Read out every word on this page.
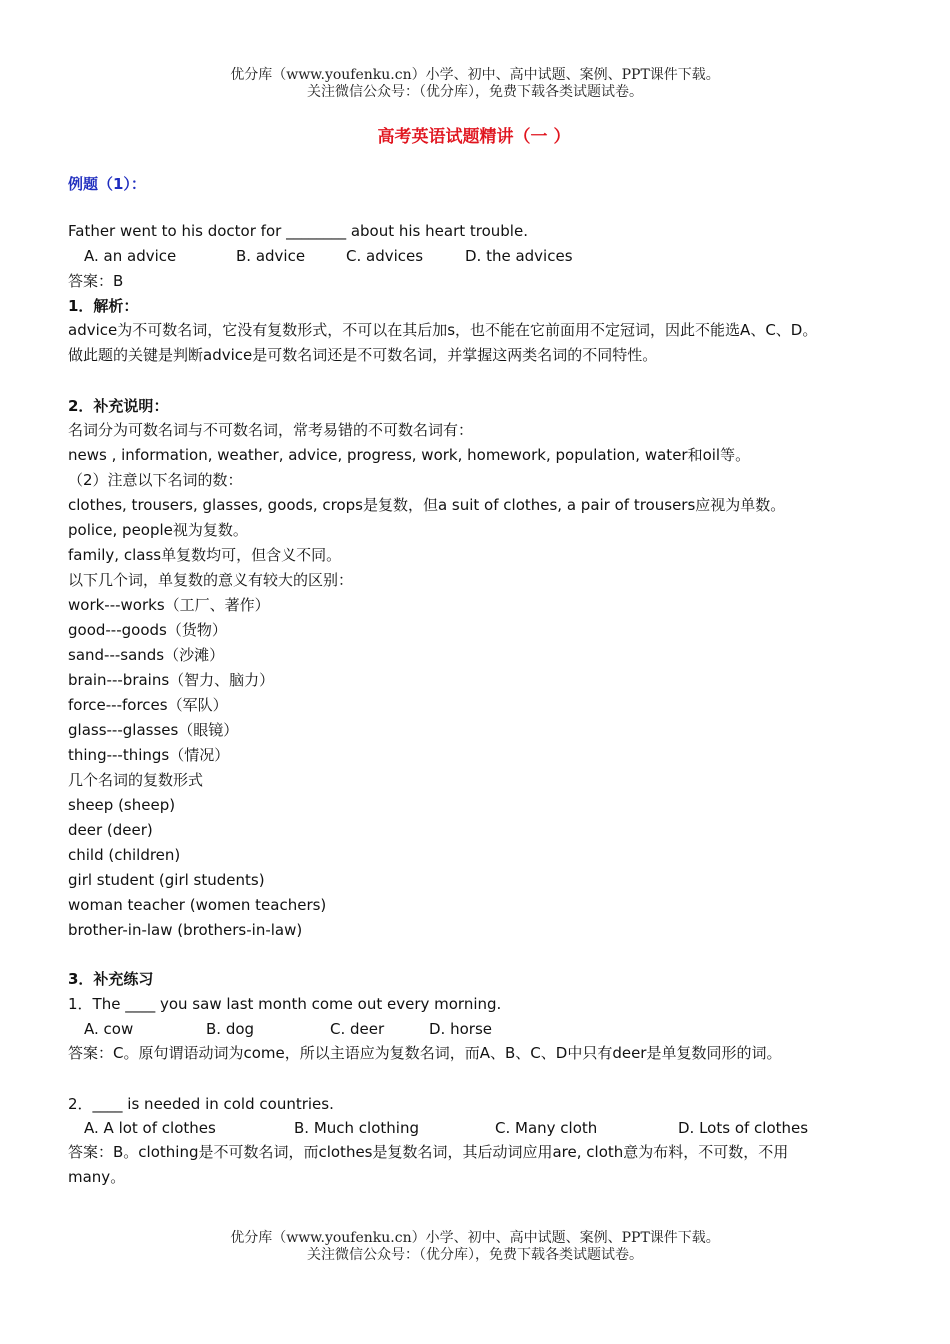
优分库（www.youfenku.cn）小学、初中、高中试题、案例、PPT课件下载。
关注微信公众号：（优分库），免费下载各类试题试卷。
高考英语试题精讲（一 ）
例题（1）：
Father went to his doctor for ________ about his heart trouble.
A. an advice	B. advice	C. advices	D. the advices
答案：B
1．解析：
advice为不可数名词，它没有复数形式，不可以在其后加s，也不能在它前面用不定冠词，因此不能选A、C、D。
做此题的关键是判断advice是可数名词还是不可数名词，并掌握这两类名词的不同特性。
2．补充说明：
名词分为可数名词与不可数名词，常考易错的不可数名词有：
news , information, weather, advice, progress, work, homework, population, water和oil等。
（2）注意以下名词的数：
clothes, trousers, glasses, goods, crops是复数，但a suit of clothes, a pair of trousers应视为单数。
police, people视为复数。
family, class单复数均可，但含义不同。
以下几个词，单复数的意义有较大的区别：
work---works（工厂、著作）
good---goods（货物）
sand---sands（沙滩）
brain---brains（智力、脑力）
force---forces（军队）
glass---glasses（眼镜）
thing---things（情况）
几个名词的复数形式
sheep (sheep)
deer (deer)
child (children)
girl student (girl students)
woman teacher (women teachers)
brother-in-law (brothers-in-law)
3．补充练习
1．The ____ you saw last month come out every morning.
A. cow	B. dog	C. deer	D. horse
答案：C。原句谓语动词为come，所以主语应为复数名词，而A、B、C、D中只有deer是单复数同形的词。
2．____ is needed in cold countries.
A. A lot of clothes	B. Much clothing	C. Many cloth	D. Lots of clothes
答案：B。clothing是不可数名词，而clothes是复数名词，其后动词应用are, cloth意为布料，不可数，不用
many。
优分库（www.youfenku.cn）小学、初中、高中试题、案例、PPT课件下载。
关注微信公众号：（优分库），免费下载各类试题试卷。
